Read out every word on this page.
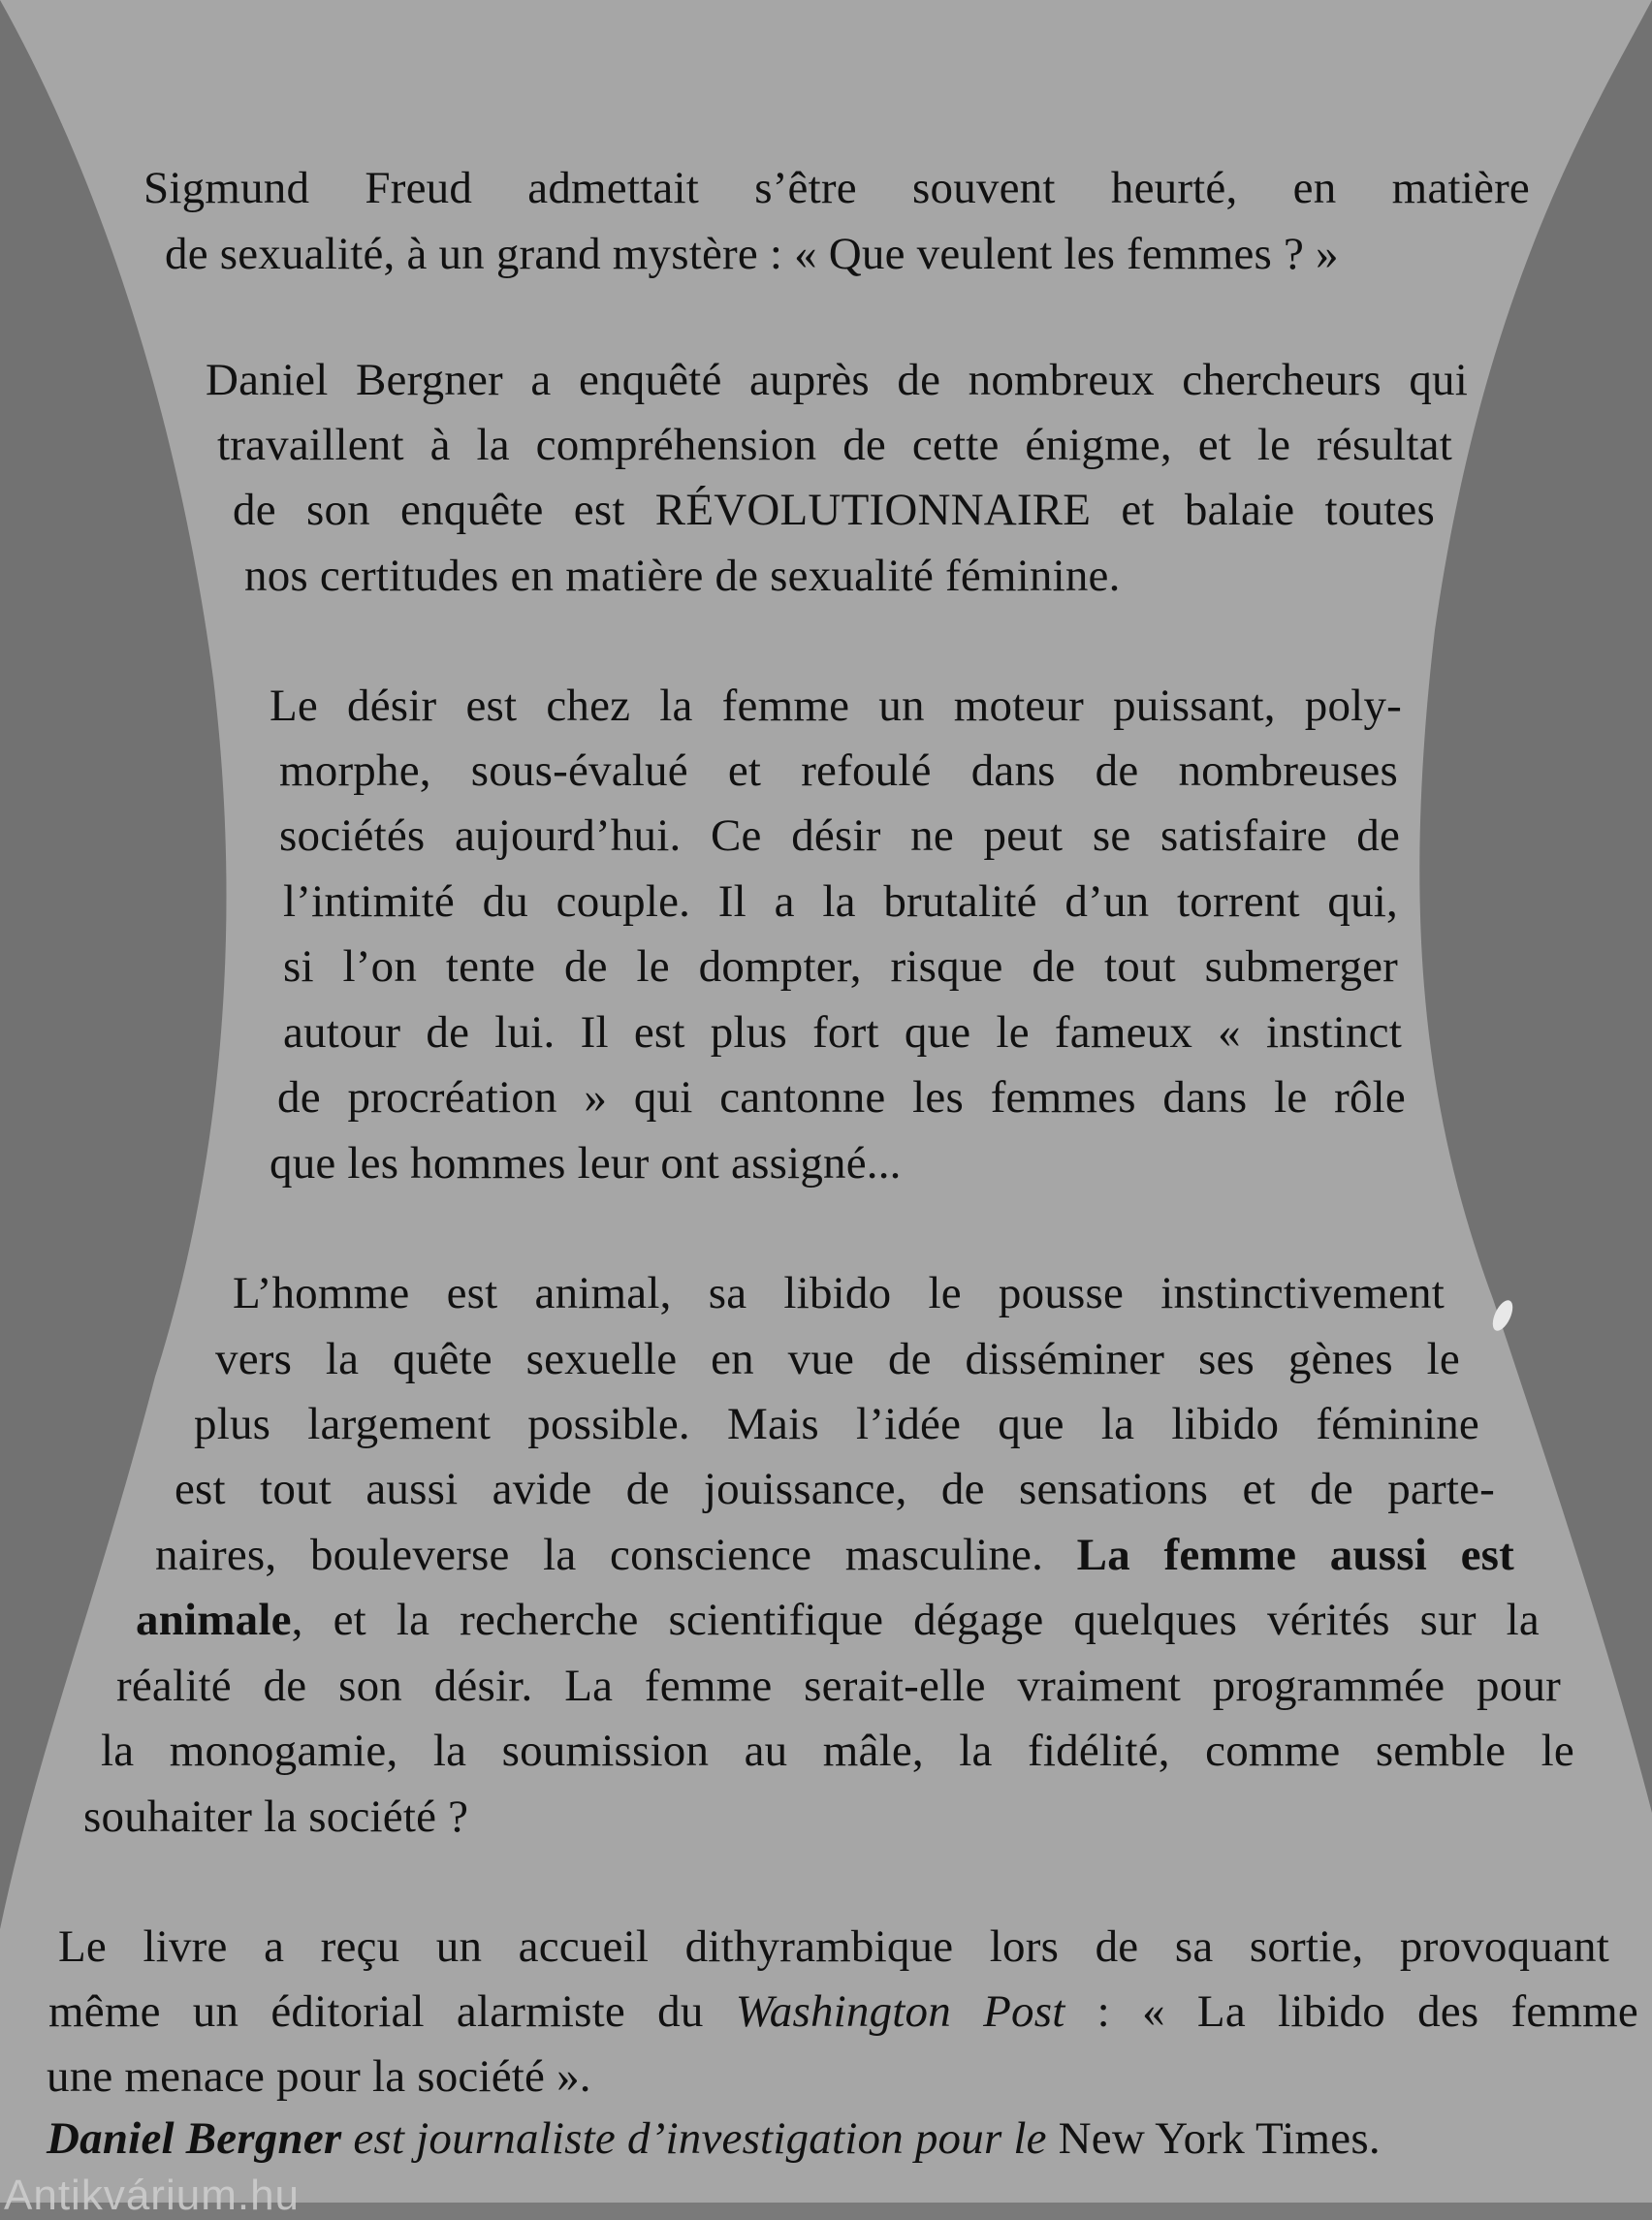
Sigmund Freud admettait s’être souvent heurté, en matière
de sexualité, à un grand mystère : « Que veulent les femmes ? »
Daniel Bergner a enquêté auprès de nombreux chercheurs qui
travaillent à la compréhension de cette énigme, et le résultat
de son enquête est RÉVOLUTIONNAIRE et balaie toutes
nos certitudes en matière de sexualité féminine.
Le désir est chez la femme un moteur puissant, poly-
morphe, sous-évalué et refoulé dans de nombreuses
sociétés aujourd’hui. Ce désir ne peut se satisfaire de
l’intimité du couple. Il a la brutalité d’un torrent qui,
si l’on tente de le dompter, risque de tout submerger
autour de lui. Il est plus fort que le fameux « instinct
de procréation » qui cantonne les femmes dans le rôle
que les hommes leur ont assigné...
L’homme est animal, sa libido le pousse instinctivement
vers la quête sexuelle en vue de disséminer ses gènes le
plus largement possible. Mais l’idée que la libido féminine
est tout aussi avide de jouissance, de sensations et de parte-
naires, bouleverse la conscience masculine. La femme aussi est
animale, et la recherche scientifique dégage quelques vérités sur la
réalité de son désir. La femme serait-elle vraiment programmée pour
la monogamie, la soumission au mâle, la fidélité, comme semble le
souhaiter la société ?
Le livre a reçu un accueil dithyrambique lors de sa sortie, provoquant
même un éditorial alarmiste du Washington Post : « La libido des femme
une menace pour la société ».
Daniel Bergner est journaliste d’investigation pour le New York Times.
Antikvárium.hu
